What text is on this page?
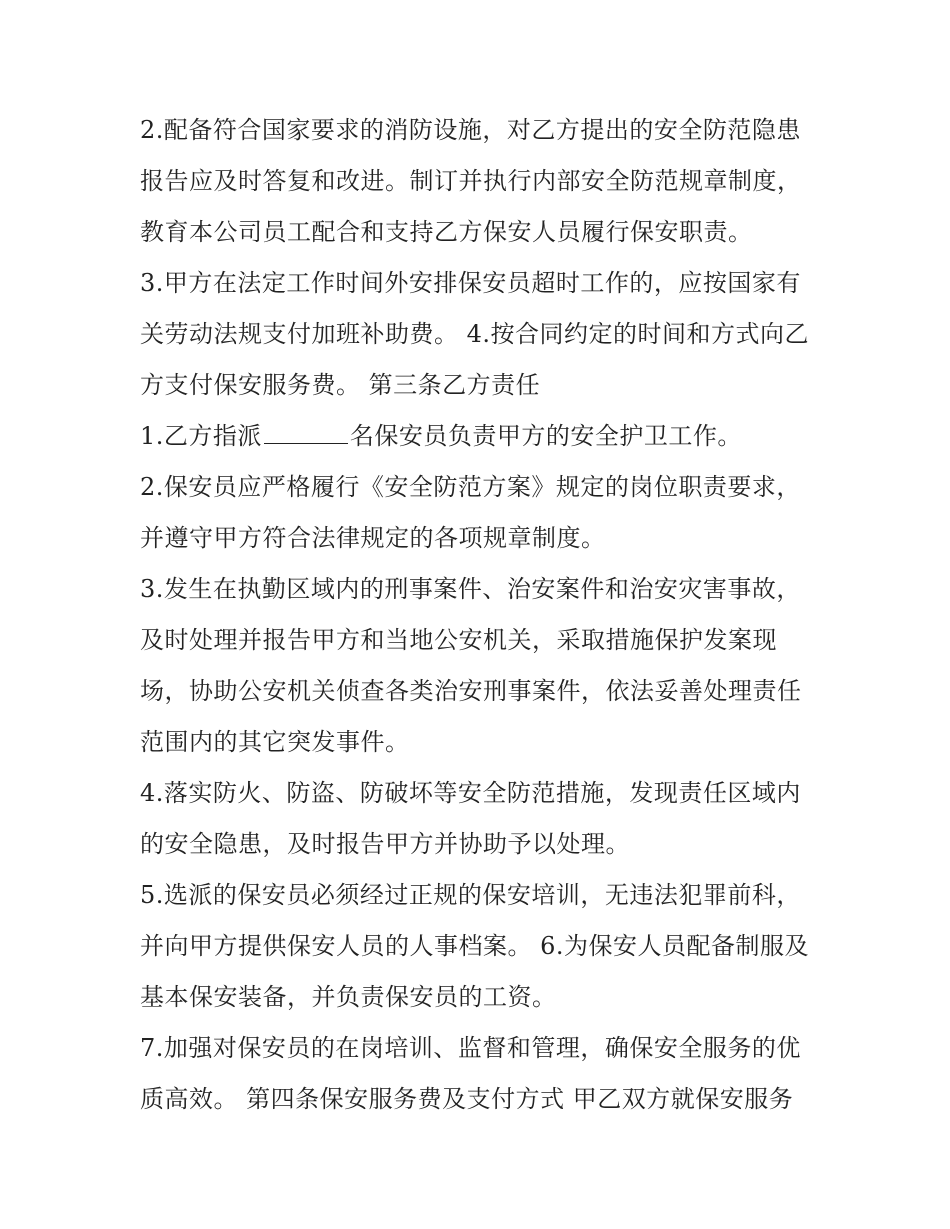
2.配备符合国家要求的消防设施，对乙方提出的安全防范隐患
报告应及时答复和改进。制订并执行内部安全防范规章制度，
教育本公司员工配合和支持乙方保安人员履行保安职责。
3.甲方在法定工作时间外安排保安员超时工作的，应按国家有
关劳动法规支付加班补助费。 4.按合同约定的时间和方式向乙
方支付保安服务费。 第三条乙方责任
1.乙方指派	名保安员负责甲方的安全护卫工作。
2.保安员应严格履行《安全防范方案》规定的岗位职责要求，
并遵守甲方符合法律规定的各项规章制度。
3.发生在执勤区域内的刑事案件、治安案件和治安灾害事故，
及时处理并报告甲方和当地公安机关，采取措施保护发案现
场，协助公安机关侦查各类治安刑事案件，依法妥善处理责任
范围内的其它突发事件。
4.落实防火、防盗、防破坏等安全防范措施，发现责任区域内
的安全隐患，及时报告甲方并协助予以处理。
5.选派的保安员必须经过正规的保安培训，无违法犯罪前科，
并向甲方提供保安人员的人事档案。 6.为保安人员配备制服及
基本保安装备，并负责保安员的工资。
7.加强对保安员的在岗培训、监督和管理，确保安全服务的优
质高效。 第四条保安服务费及支付方式 甲乙双方就保安服务
